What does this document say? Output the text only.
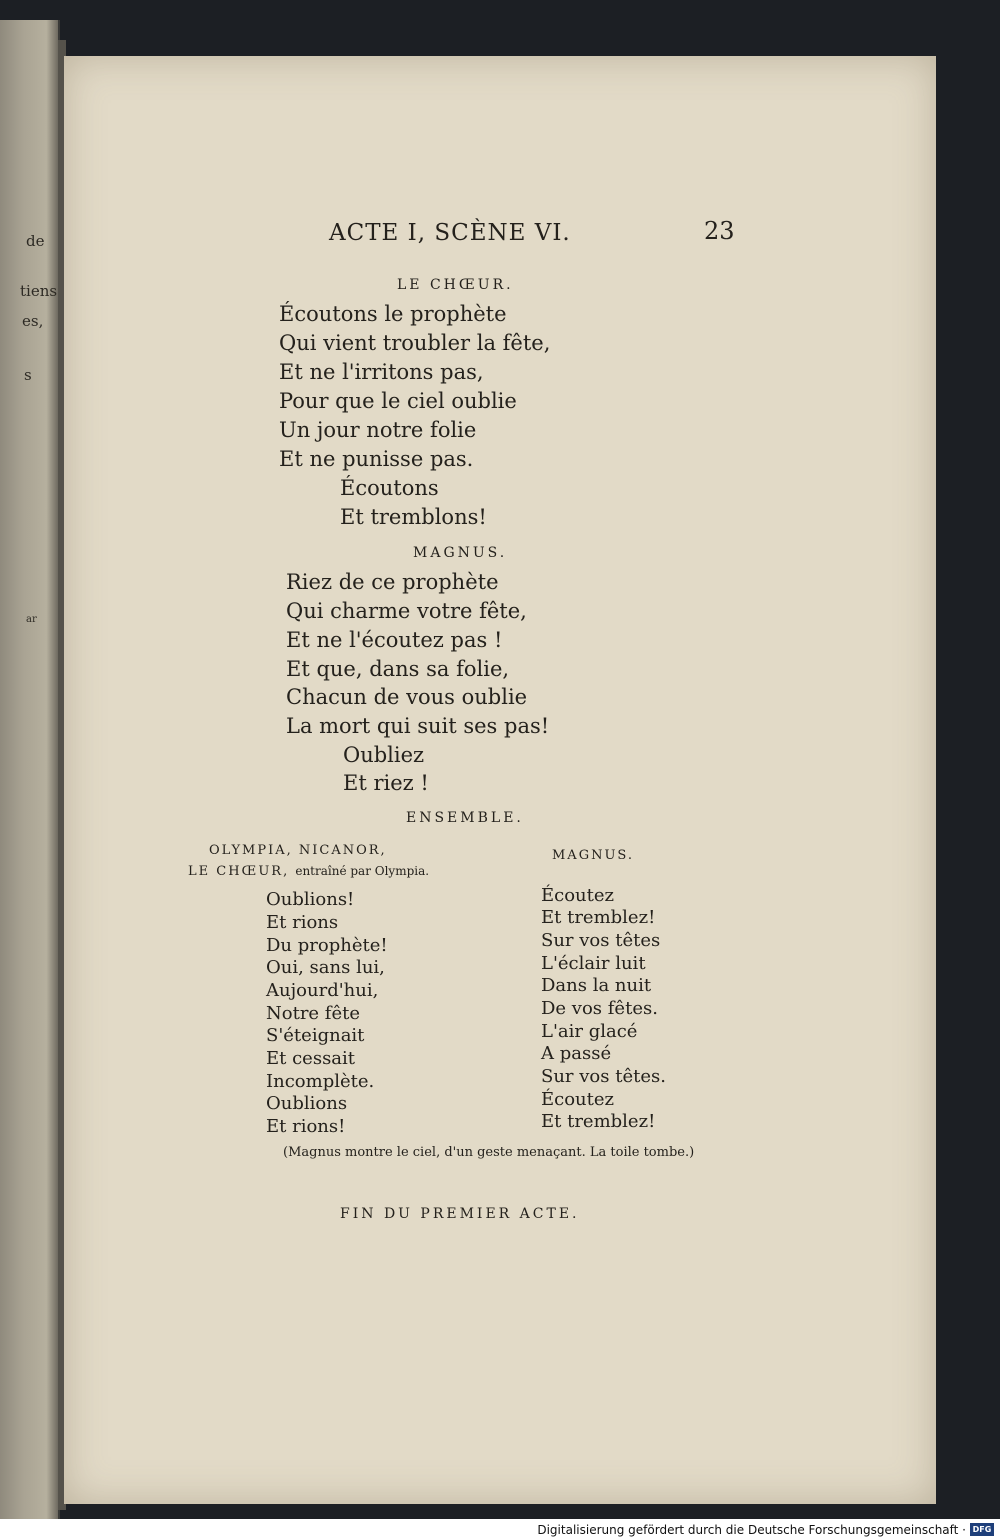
de
tiens
es,
s
ar
ACTE I, SCÈNE VI.	23
LE CHŒUR.
Écoutons le prophète
Qui vient troubler la fête,
Et ne l'irritons pas,
Pour que le ciel oublie
Un jour notre folie
Et ne punisse pas.
Écoutons
Et tremblons!
MAGNUS.
Riez de ce prophète
Qui charme votre fête,
Et ne l'écoutez pas !
Et que, dans sa folie,
Chacun de vous oublie
La mort qui suit ses pas!
Oubliez
Et riez !
ENSEMBLE.
OLYMPIA, NICANOR,
LE CHŒUR, entraîné par Olympia.
MAGNUS.
Oublions!
Et rions
Du prophète!
Oui, sans lui,
Aujourd'hui,
Notre fête
S'éteignait
Et cessait
Incomplète.
Oublions
Et rions!
Écoutez
Et tremblez!
Sur vos têtes
L'éclair luit
Dans la nuit
De vos fêtes.
L'air glacé
A passé
Sur vos têtes.
Écoutez
Et tremblez!
(Magnus montre le ciel, d'un geste menaçant. La toile tombe.)
FIN DU PREMIER ACTE.
Digitalisierung gefördert durch die Deutsche Forschungsgemeinschaft · DFG
